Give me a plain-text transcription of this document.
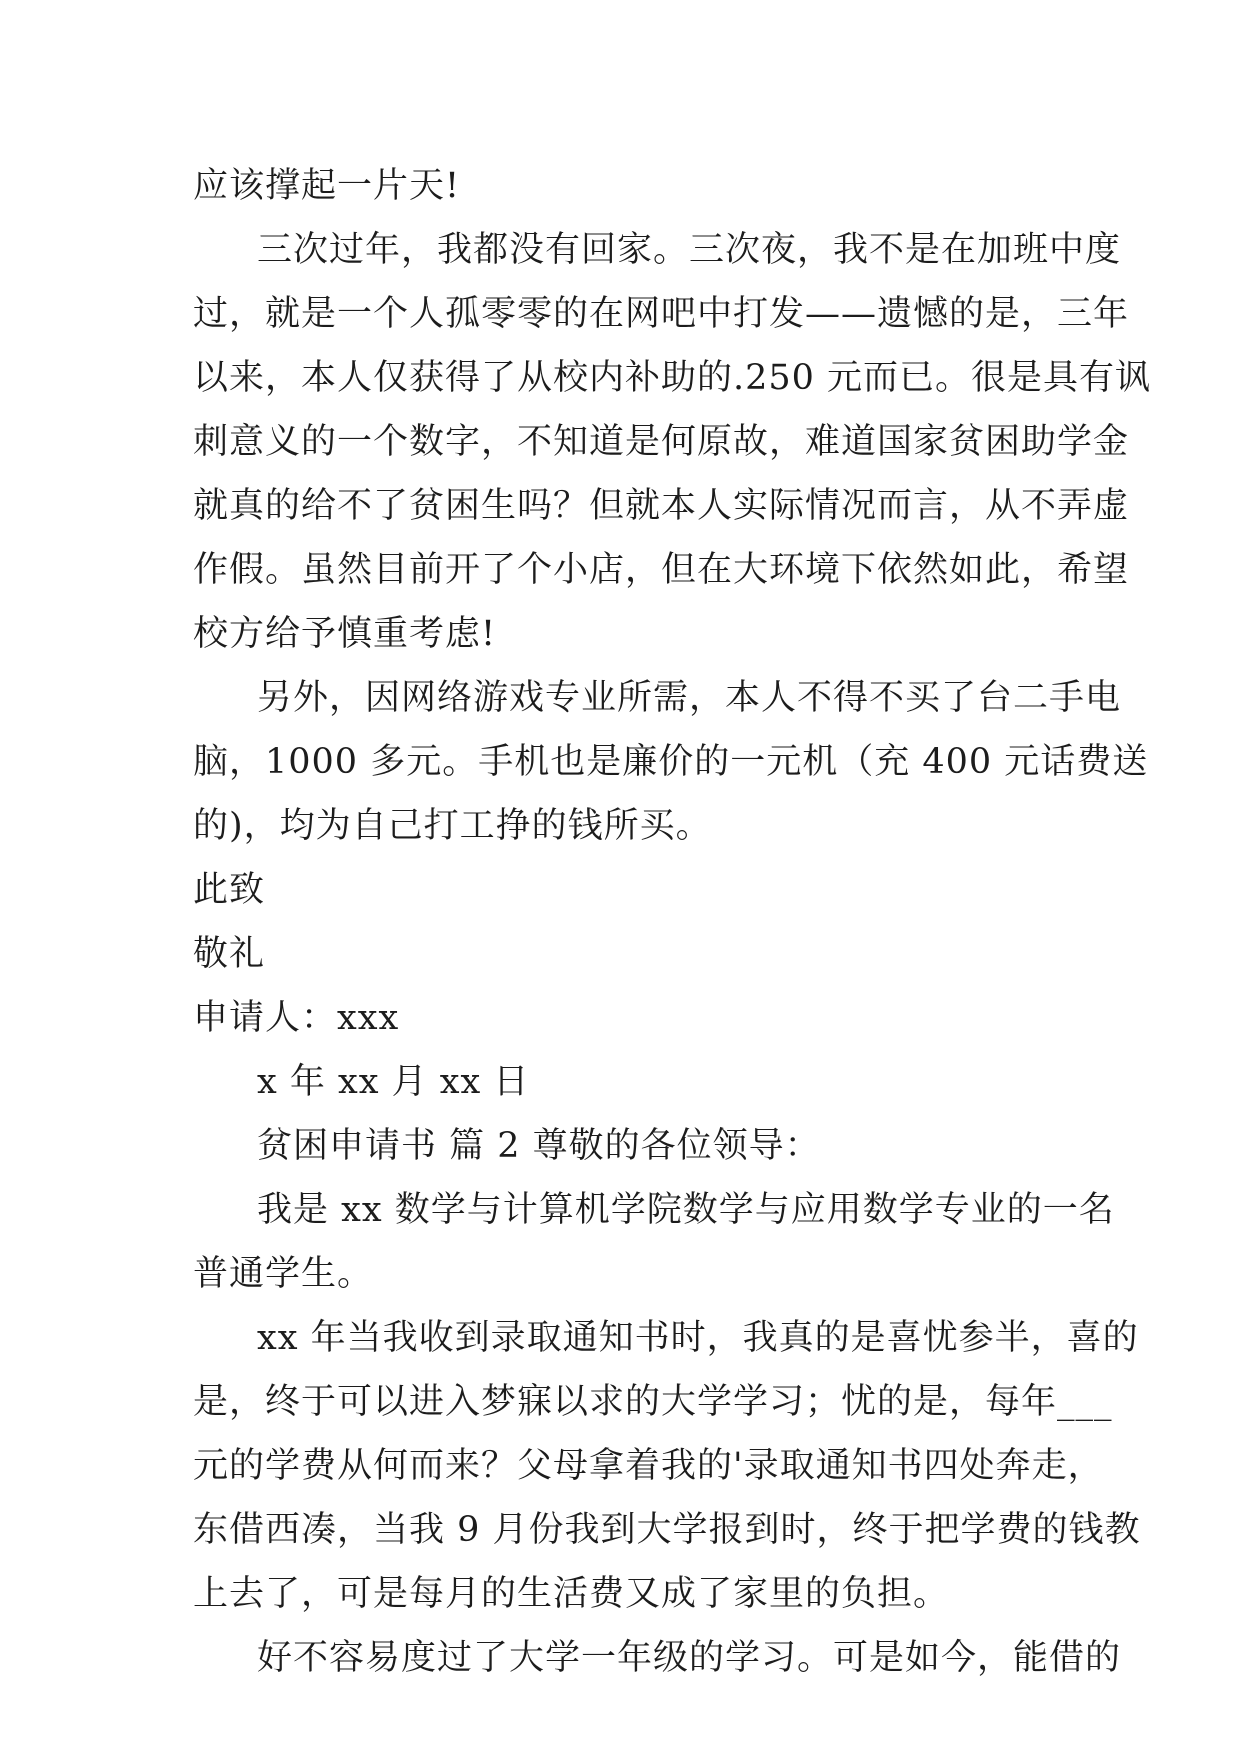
应该撑起一片天!
三次过年，我都没有回家。三次夜，我不是在加班中度
过，就是一个人孤零零的在网吧中打发——遗憾的是，三年
以来，本人仅获得了从校内补助的.250 元而已。很是具有讽
刺意义的一个数字，不知道是何原故，难道国家贫困助学金
就真的给不了贫困生吗？但就本人实际情况而言，从不弄虚
作假。虽然目前开了个小店，但在大环境下依然如此，希望
校方给予慎重考虑!
另外，因网络游戏专业所需，本人不得不买了台二手电
脑，1000 多元。手机也是廉价的一元机（充 400 元话费送
的)，均为自己打工挣的钱所买。
此致
敬礼
申请人：xxx
x 年 xx 月 xx 日
贫困申请书 篇 2 尊敬的各位领导：
我是 xx 数学与计算机学院数学与应用数学专业的一名
普通学生。
xx 年当我收到录取通知书时，我真的是喜忧参半，喜的
是，终于可以进入梦寐以求的大学学习；忧的是，每年___
元的学费从何而来？父母拿着我的'录取通知书四处奔走，
东借西凑，当我 9 月份我到大学报到时，终于把学费的钱教
上去了，可是每月的生活费又成了家里的负担。
好不容易度过了大学一年级的学习。可是如今，能借的
